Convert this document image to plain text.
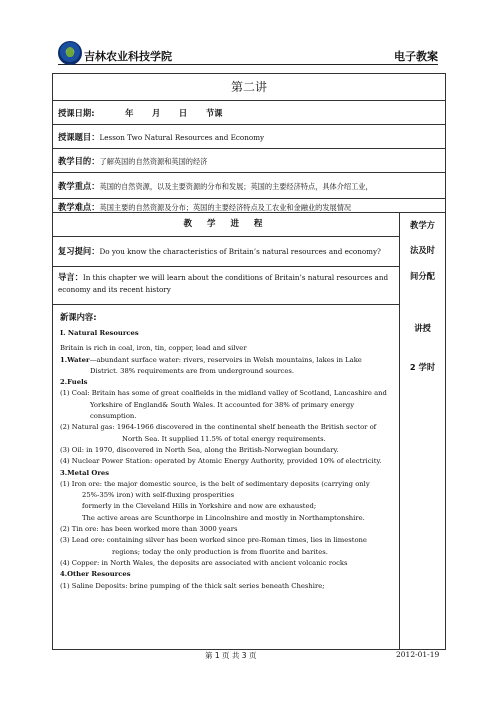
吉林农业科技学院	电子教案
第二讲
授课日期:	年 月 日 节课
授课题目：Lesson Two Natural Resources and Economy
教学目的：了解英国的自然资源和英国的经济
教学重点：英国的自然资源，以及主要资源的分布和发展；英国的主要经济特点，具体介绍工业，
教学难点：英国主要的自然资源及分布；英国的主要经济特点及工农业和金融业的发展情况
教 学 进 程
复习提问：Do you know the characteristics of Britain’s natural resources and economy?
导言：In this chapter we will learn about the conditions of Britain’s natural resources and
economy and its recent history
教学方
法及时
间分配
讲授
2 学时
新课内容:
Ⅰ. Natural Resources
Britain is rich in coal, iron, tin, copper, lead and silver
1.Water—abundant surface water: rivers, reservoirs in Welsh mountains, lakes in Lake
District. 38% requirements are from underground sources.
2.Fuels
(1) Coal: Britain has some of great coalfields in the midland valley of Scotland, Lancashire and
Yorkshire of England& South Wales. It accounted for 38% of primary energy
consumption.
(2) Natural gas: 1964-1966 discovered in the continental shelf beneath the British sector of
North Sea. It supplied 11.5% of total energy requirements.
(3) Oil: in 1970, discovered in North Sea, along the British-Norwegian boundary.
(4) Nuclear Power Station: operated by Atomic Energy Authority, provided 10% of electricity.
3.Metal Ores
(1) Iron ore: the major domestic source, is the belt of sedimentary deposits (carrying only
25%-35% iron) with self-fluxing prosperities
formerly in the Cleveland Hills in Yorkshire and now are exhausted;
The active areas are Scunthorpe in Lincolnshire and mostly in Northamptonshire.
(2) Tin ore: has been worked more than 3000 years
(3) Lead ore: containing silver has been worked since pre-Roman times, lies in limestone
regions; today the only production is from fluorite and barites.
(4) Copper: in North Wales, the deposits are associated with ancient volcanic rocks
4.Other Resources
(1) Saline Deposits: brine pumping of the thick salt series beneath Cheshire;
第 1 页 共 3 页	2012-01-19
